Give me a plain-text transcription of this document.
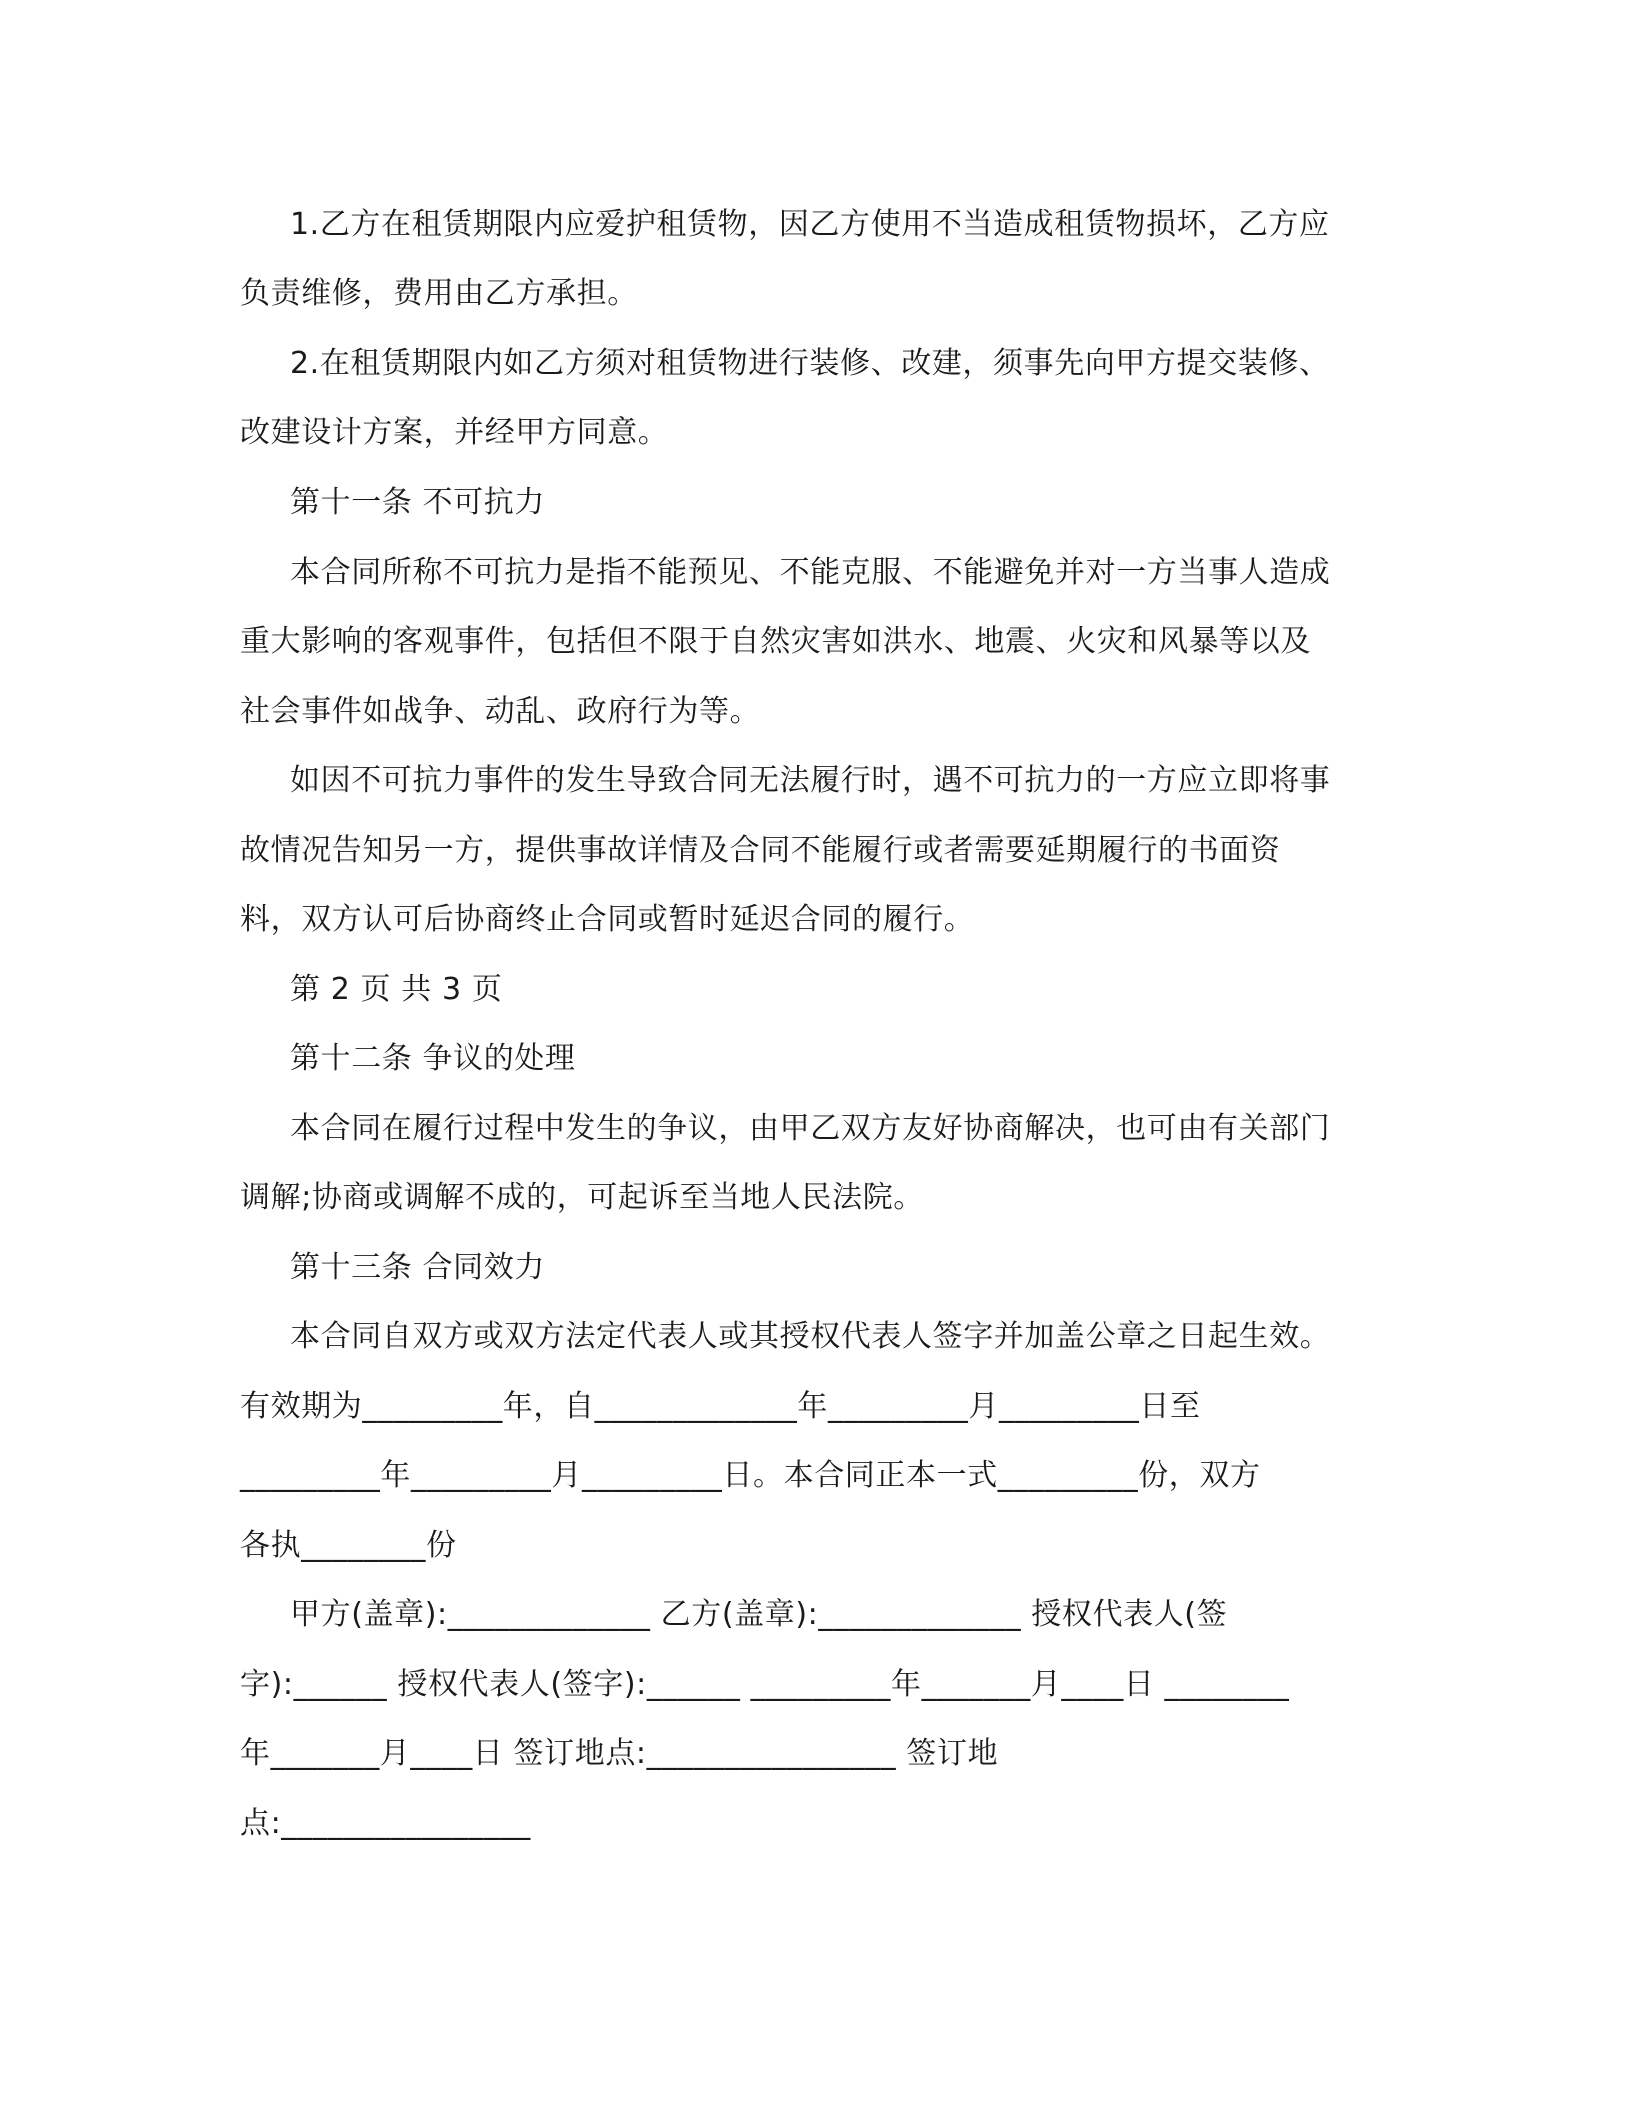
1.乙方在租赁期限内应爱护租赁物，因乙方使用不当造成租赁物损坏，乙方应
负责维修，费用由乙方承担。
2.在租赁期限内如乙方须对租赁物进行装修、改建，须事先向甲方提交装修、
改建设计方案，并经甲方同意。
第十一条 不可抗力
本合同所称不可抗力是指不能预见、不能克服、不能避免并对一方当事人造成
重大影响的客观事件，包括但不限于自然灾害如洪水、地震、火灾和风暴等以及
社会事件如战争、动乱、政府行为等。
如因不可抗力事件的发生导致合同无法履行时，遇不可抗力的一方应立即将事
故情况告知另一方，提供事故详情及合同不能履行或者需要延期履行的书面资
料，双方认可后协商终止合同或暂时延迟合同的履行。
第 2 页 共 3 页
第十二条 争议的处理
本合同在履行过程中发生的争议，由甲乙双方友好协商解决，也可由有关部门
调解;协商或调解不成的，可起诉至当地人民法院。
第十三条 合同效力
本合同自双方或双方法定代表人或其授权代表人签字并加盖公章之日起生效。
有效期为_________年，自_____________年_________月_________日至
_________年_________月_________日。本合同正本一式_________份，双方
各执________份
甲方(盖章):_____________ 乙方(盖章):_____________ 授权代表人(签
字):______ 授权代表人(签字):______ _________年_______月____日 ________
年_______月____日 签订地点:________________ 签订地
点:________________
